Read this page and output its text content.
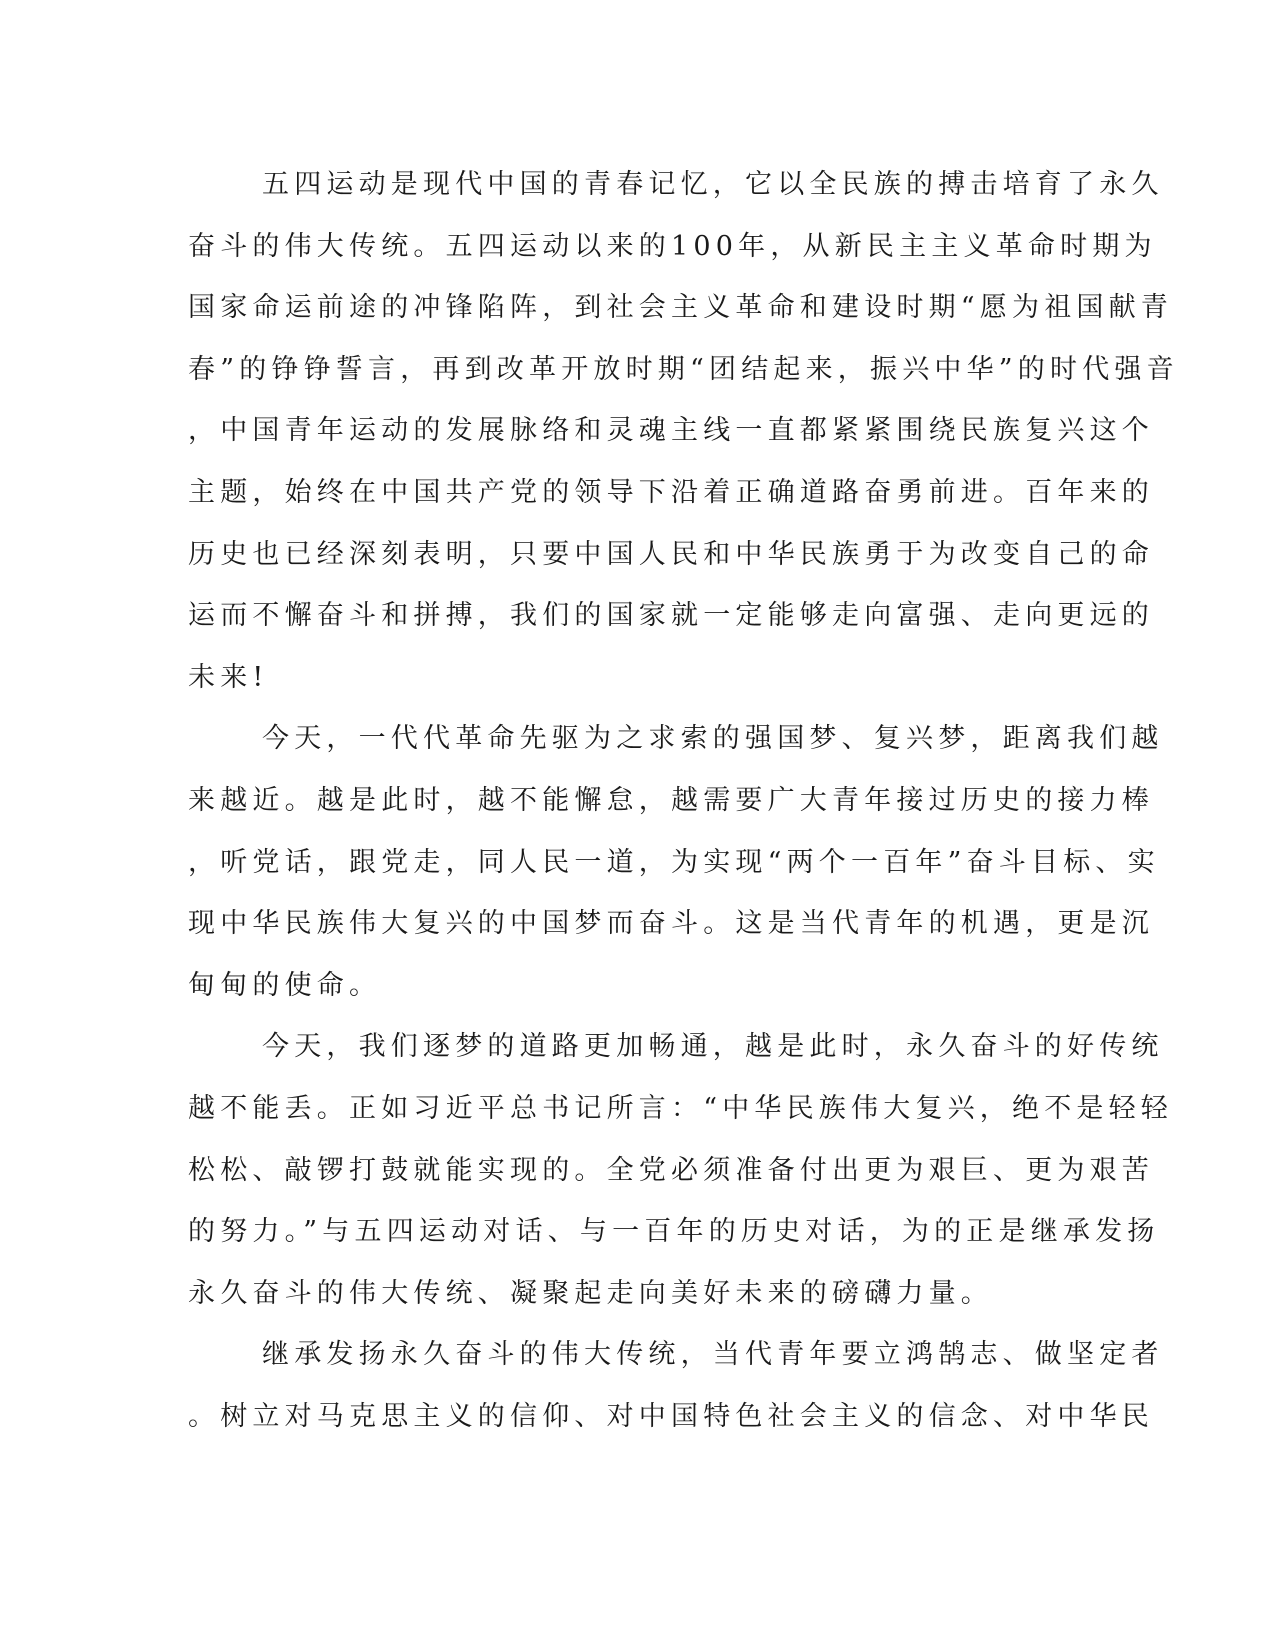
五四运动是现代中国的青春记忆，它以全民族的搏击培育了永久
奋斗的伟大传统。五四运动以来的100年，从新民主主义革命时期为
国家命运前途的冲锋陷阵，到社会主义革命和建设时期“愿为祖国献青
春”的铮铮誓言，再到改革开放时期“团结起来，振兴中华”的时代强音
，中国青年运动的发展脉络和灵魂主线一直都紧紧围绕民族复兴这个
主题，始终在中国共产党的领导下沿着正确道路奋勇前进。百年来的
历史也已经深刻表明，只要中国人民和中华民族勇于为改变自己的命
运而不懈奋斗和拼搏，我们的国家就一定能够走向富强、走向更远的
未来!
今天，一代代革命先驱为之求索的强国梦、复兴梦，距离我们越
来越近。越是此时，越不能懈怠，越需要广大青年接过历史的接力棒
，听党话，跟党走，同人民一道，为实现“两个一百年”奋斗目标、实
现中华民族伟大复兴的中国梦而奋斗。这是当代青年的机遇，更是沉
甸甸的使命。
今天，我们逐梦的道路更加畅通，越是此时，永久奋斗的好传统
越不能丢。正如习近平总书记所言：“中华民族伟大复兴，绝不是轻轻
松松、敲锣打鼓就能实现的。全党必须准备付出更为艰巨、更为艰苦
的努力。”与五四运动对话、与一百年的历史对话，为的正是继承发扬
永久奋斗的伟大传统、凝聚起走向美好未来的磅礴力量。
继承发扬永久奋斗的伟大传统，当代青年要立鸿鹄志、做坚定者
。树立对马克思主义的信仰、对中国特色社会主义的信念、对中华民
